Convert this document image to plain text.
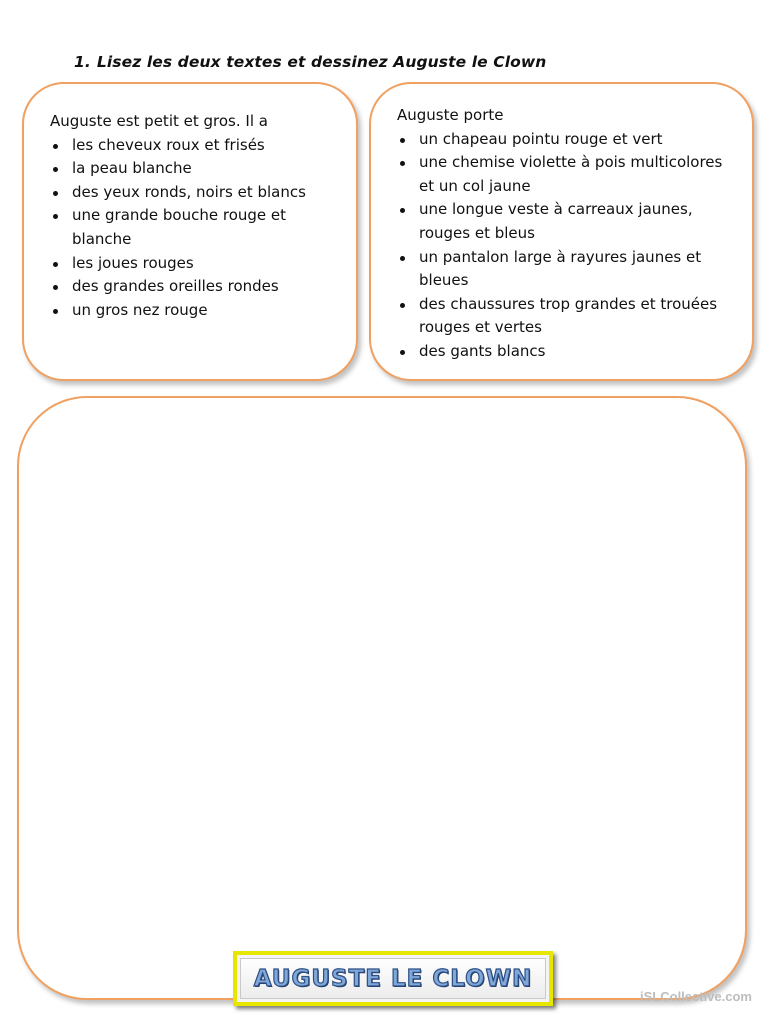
1. Lisez les deux textes et dessinez Auguste le Clown
Auguste est petit et gros. Il a
les cheveux roux et frisés
la peau blanche
des yeux ronds, noirs et blancs
une grande bouche rouge et blanche
les joues rouges
des grandes oreilles rondes
un gros nez rouge
Auguste porte
un chapeau pointu rouge et vert
une chemise violette à pois multicolores et un col jaune
une longue veste à carreaux jaunes, rouges et bleus
un pantalon large à rayures jaunes et bleues
des chaussures trop grandes et trouées rouges et vertes
des gants blancs
AUGUSTE LE CLOWN
iSLCollective.com
